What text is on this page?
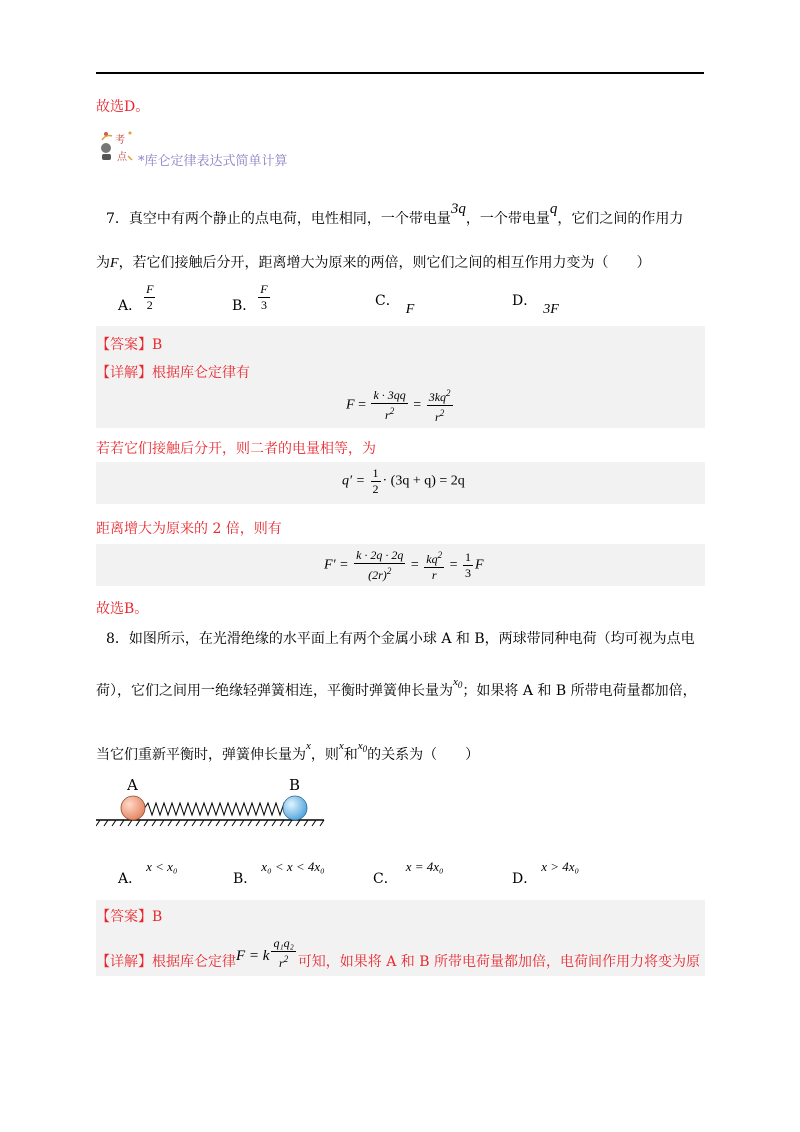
故选D。
考
点 *库仑定律表达式简单计算
7．真空中有两个静止的点电荷，电性相同，一个带电量3q，一个带电量q，它们之间的作用力
为F，若它们接触后分开，距离增大为原来的两倍，则它们之间的相互作用力变为（　　）
A． $\frac{F}{2}$	B． $\frac{F}{3}$	C．F
D．3F
【答案】B
【详解】根据库仑定律有
$F = \frac{k \cdot 3qq}{r^2} = \frac{3kq^2}{r^2}$
若若它们接触后分开，则二者的电量相等，为
$q' = \frac{1}{2} \cdot (3q + q) = 2q$
距离增大为原来的 2 倍，则有
$F' = \frac{k \cdot 2q \cdot 2q}{(2r)^2} = \frac{kq^2}{r} = \frac{1}{3}$ F
故选B。
8．如图所示，在光滑绝缘的水平面上有两个金属小球 A 和 B，两球带同种电荷（均可视为点电
荷），它们之间用一绝缘轻弹簧相连，平衡时弹簧伸长量为$^{x_0}$；如果将 A 和 B 所带电荷量都加倍，
当它们重新平衡时，弹簧伸长量为$^x$，则$^x$和$^{x_0}$的关系为（　　）
A	B
A．x < x₀
B．x₀ < x < 4x₀
C．x = 4x₀
D．x > 4x₀
【答案】B
【详解】根据库仑定律F = k $\frac{\text{q₁q₂}}{r^2}$ 可知，如果将 A 和 B 所带电荷量都加倍，电荷间作用力将变为原
